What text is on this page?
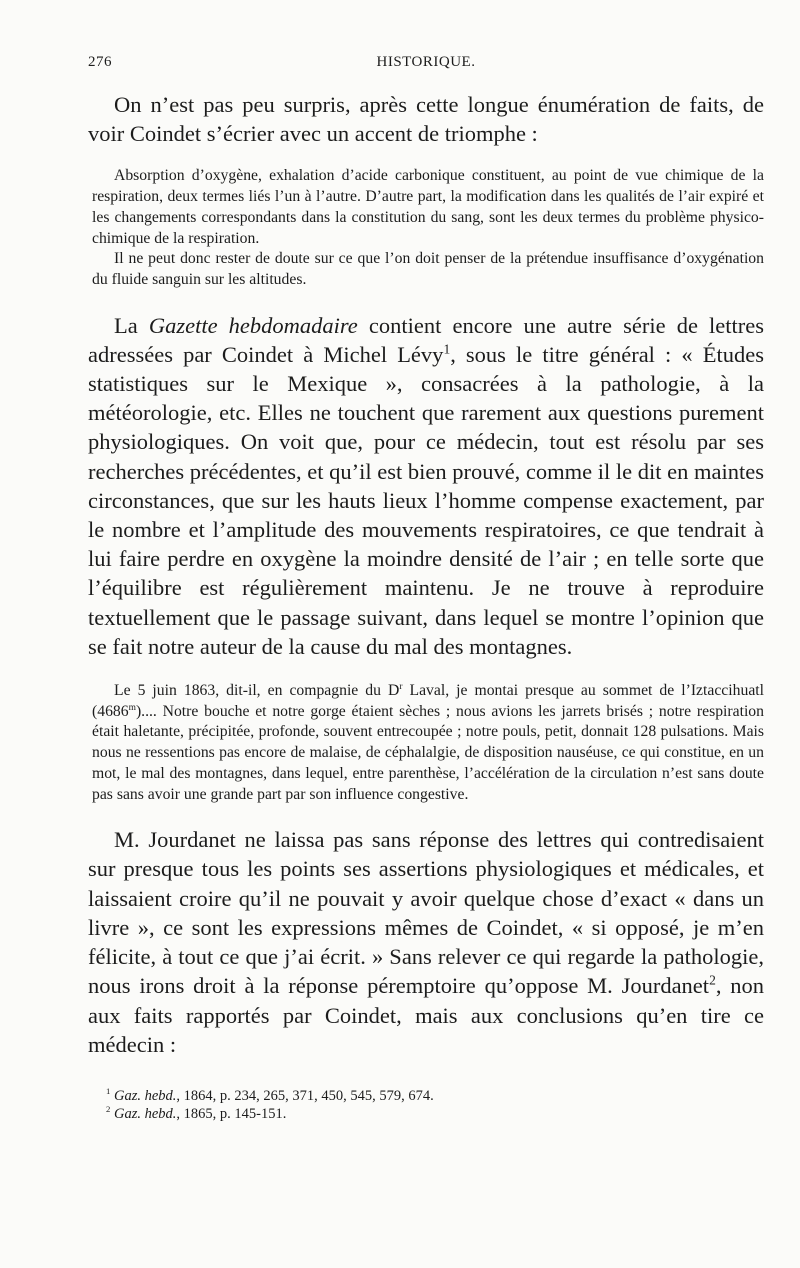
276	HISTORIQUE.

On n’est pas peu surpris, après cette longue énumération de faits, de voir Coindet s’écrier avec un accent de triomphe :

Absorption d’oxygène, exhalation d’acide carbonique constituent, au point de vue chimique de la respiration, deux termes liés l’un à l’autre. D’autre part, la modification dans les qualités de l’air expiré et les changements correspondants dans la constitution du sang, sont les deux termes du problème physico-chimique de la respiration.

Il ne peut donc rester de doute sur ce que l’on doit penser de la prétendue insuffisance d’oxygénation du fluide sanguin sur les altitudes.

La Gazette hebdomadaire contient encore une autre série de lettres adressées par Coindet à Michel Lévy$^1$, sous le titre général : « Études statistiques sur le Mexique », consacrées à la pathologie, à la météorologie, etc. Elles ne touchent que rarement aux questions purement physiologiques. On voit que, pour ce médecin, tout est résolu par ses recherches précédentes, et qu’il est bien prouvé, comme il le dit en maintes circonstances, que sur les hauts lieux l’homme compense exactement, par le nombre et l’amplitude des mouvements respiratoires, ce que tendrait à lui faire perdre en oxygène la moindre densité de l’air ; en telle sorte que l’équilibre est régulièrement maintenu. Je ne trouve à reproduire textuellement que le passage suivant, dans lequel se montre l’opinion que se fait notre auteur de la cause du mal des montagnes.

Le 5 juin 1863, dit-il, en compagnie du $D^r$ Laval, je montai presque au sommet de l’Iztaccihuatl (4686$^m$).... Notre bouche et notre gorge étaient sèches ; nous avions les jarrets brisés ; notre respiration était haletante, précipitée, profonde, souvent entrecoupée ; notre pouls, petit, donnait 128 pulsations. Mais nous ne ressentions pas encore de malaise, de céphalalgie, de disposition nauséuse, ce qui constitue, en un mot, le mal des montagnes, dans lequel, entre parenthèse, l’accélération de la circulation n’est sans doute pas sans avoir une grande part par son influence congestive.

M. Jourdanet ne laissa pas sans réponse des lettres qui contredisaient sur presque tous les points ses assertions physiologiques et médicales, et laissaient croire qu’il ne pouvait y avoir quelque chose d’exact « dans un livre », ce sont les expressions mêmes de Coindet, « si opposé, je m’en félicite, à tout ce que j’ai écrit. » Sans relever ce qui regarde la pathologie, nous irons droit à la réponse péremptoire qu’oppose M. Jourdanet$^2$, non aux faits rapportés par Coindet, mais aux conclusions qu’en tire ce médecin :

$^1$ Gaz. hebd., 1864, p. 234, 265, 371, 450, 545, 579, 674.

$^2$ Gaz. hebd., 1865, p. 145-151.
